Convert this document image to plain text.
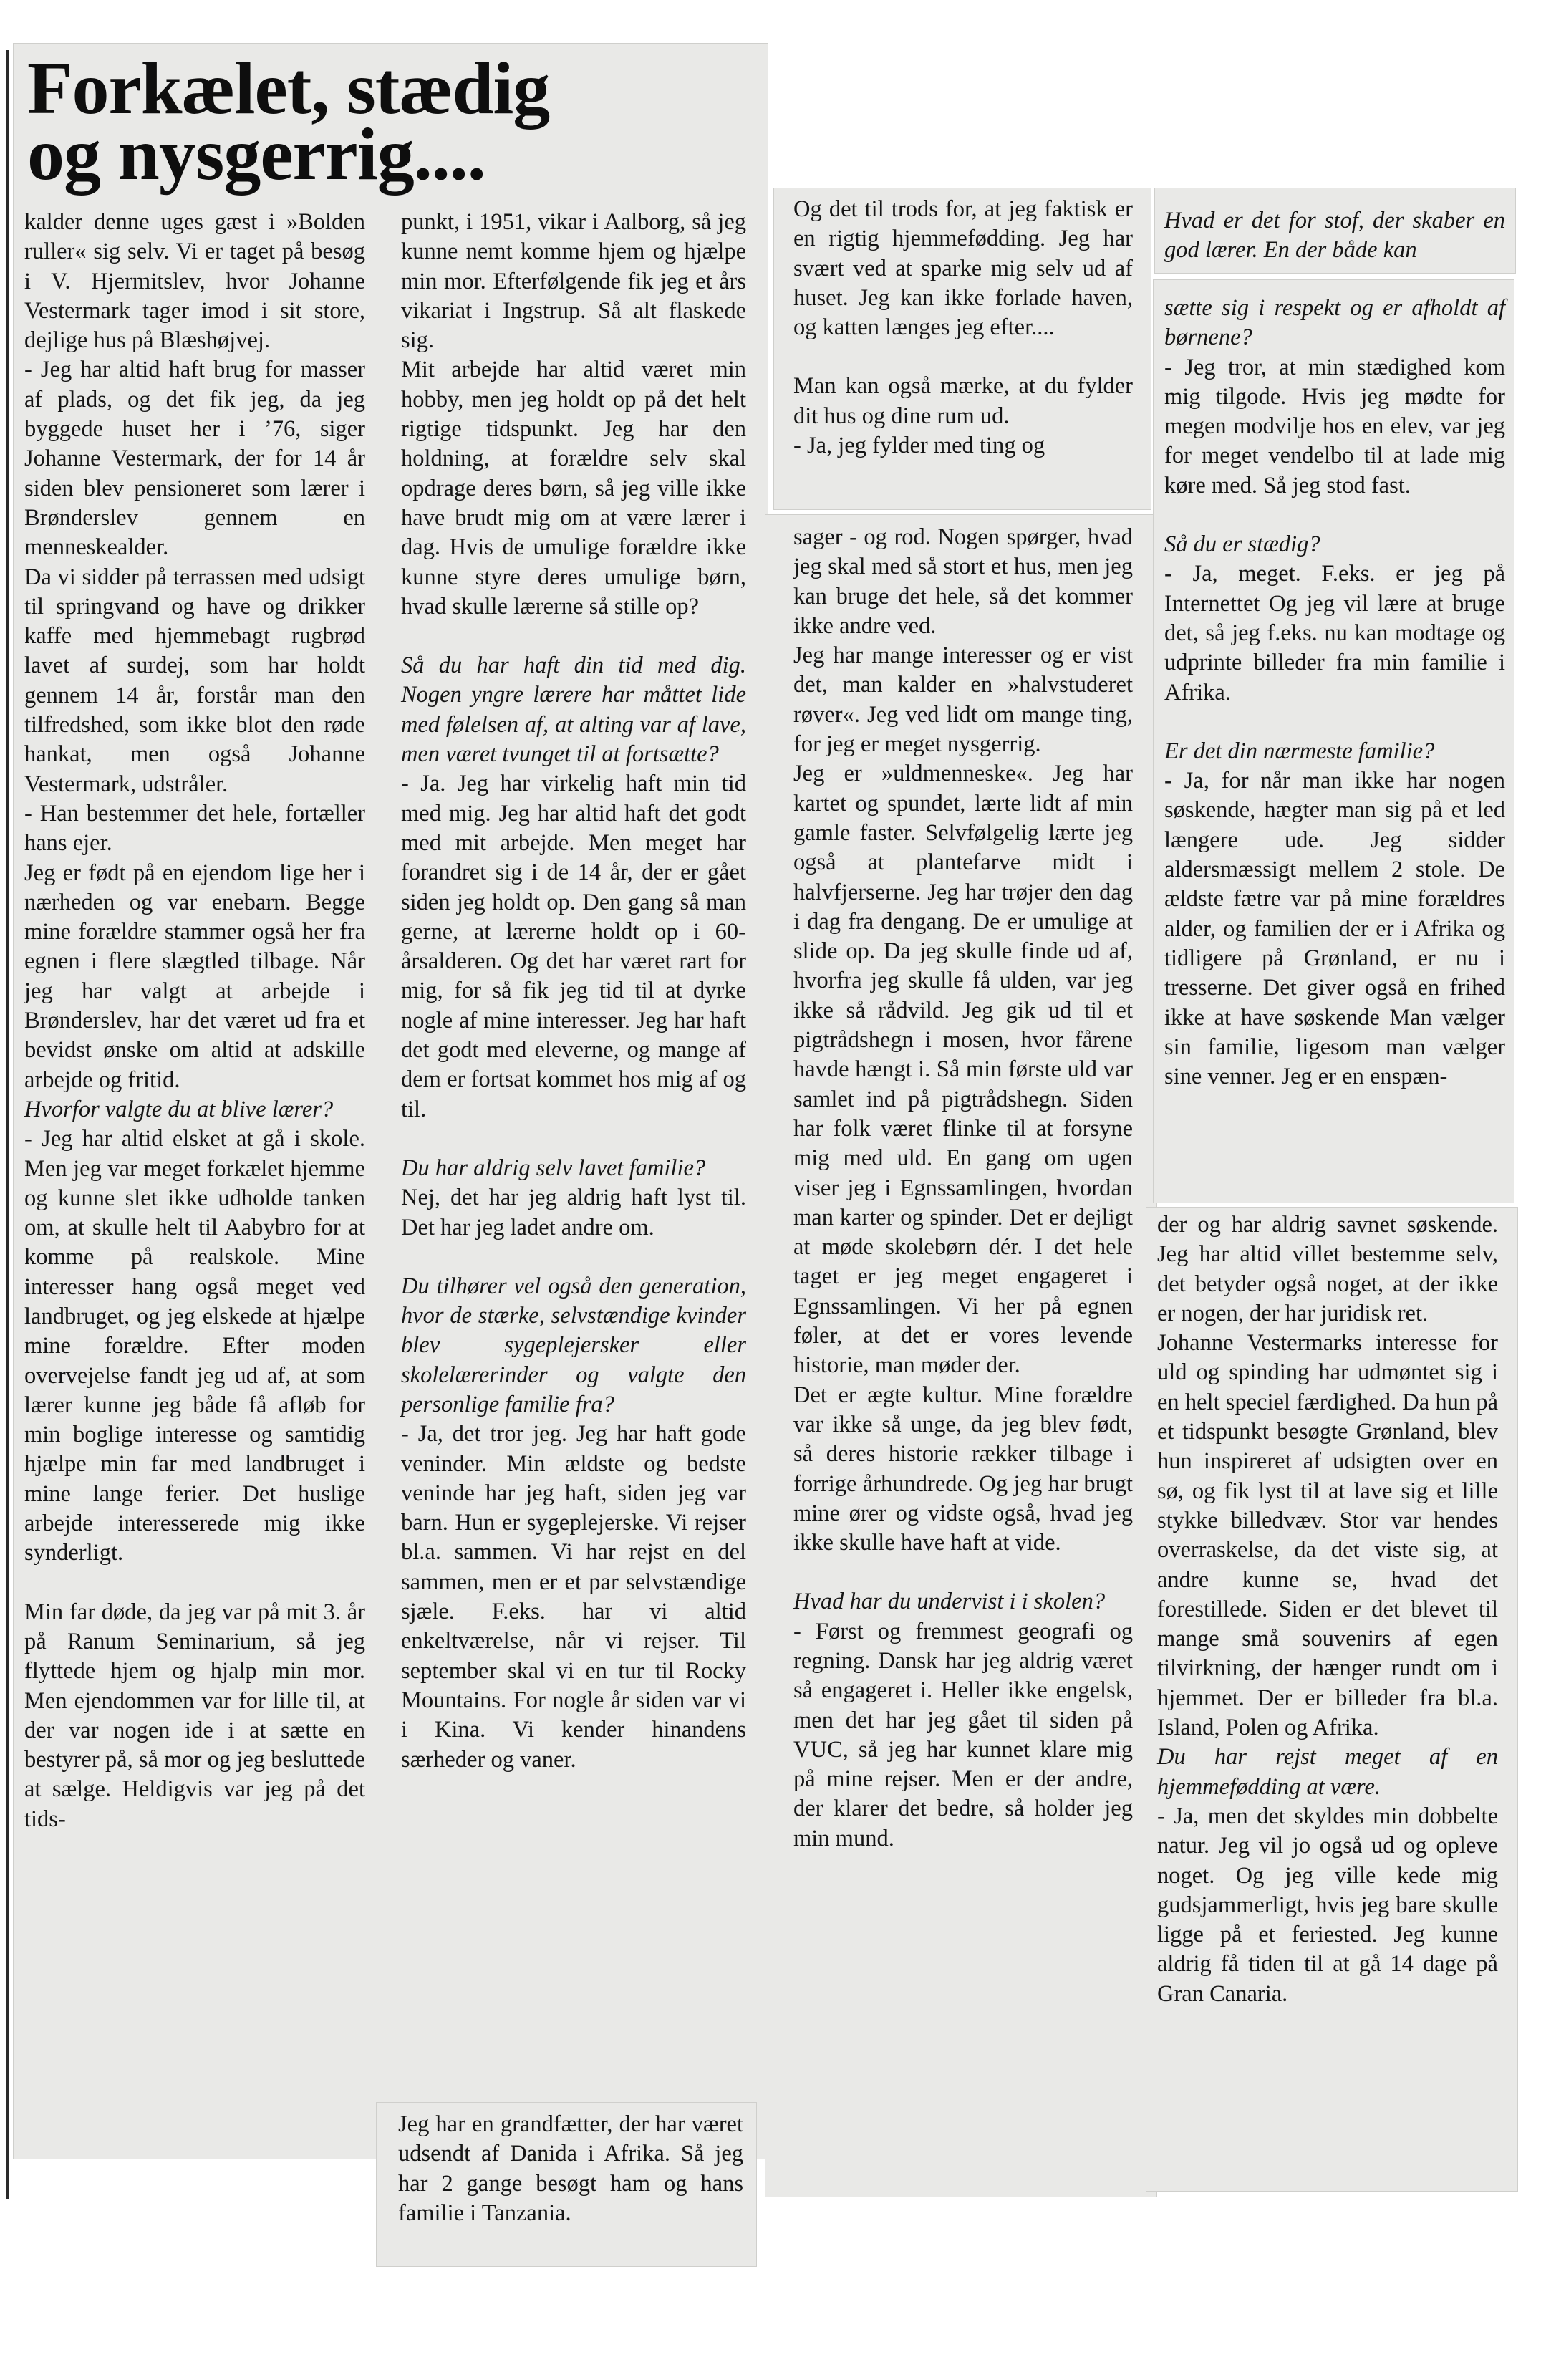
Forkælet, stædig
og nysgerrig....

kalder denne uges gæst i »Bolden ruller« sig selv. Vi er taget på besøg i V. Hjermitslev, hvor Johanne Vestermark tager imod i sit store, dejlige hus på Blæshøjvej.

- Jeg har altid haft brug for masser af plads, og det fik jeg, da jeg byggede huset her i ’76, siger Johanne Vestermark, der for 14 år siden blev pensioneret som lærer i Brønderslev gennem en menneskealder.

Da vi sidder på terrassen med udsigt til springvand og have og drikker kaffe med hjemmebagt rugbrød lavet af surdej, som har holdt gennem 14 år, forstår man den tilfredshed, som ikke blot den røde hankat, men også Johanne Vestermark, udstråler.

- Han bestemmer det hele, fortæller hans ejer.

Jeg er født på en ejendom lige her i nærheden og var enebarn. Begge mine forældre stammer også her fra egnen i flere slægtled tilbage. Når jeg har valgt at arbejde i Brønderslev, har det været ud fra et bevidst ønske om altid at adskille arbejde og fritid.

Hvorfor valgte du at blive lærer?

- Jeg har altid elsket at gå i skole. Men jeg var meget forkælet hjemme og kunne slet ikke udholde tanken om, at skulle helt til Aabybro for at komme på realskole. Mine interesser hang også meget ved landbruget, og jeg elskede at hjælpe mine forældre. Efter moden overvejelse fandt jeg ud af, at som lærer kunne jeg både få afløb for min boglige interesse og samtidig hjælpe min far med landbruget i mine lange ferier. Det huslige arbejde interesserede mig ikke synderligt.

Min far døde, da jeg var på mit 3. år på Ranum Seminarium, så jeg flyttede hjem og hjalp min mor. Men ejendommen var for lille til, at der var nogen ide i at sætte en bestyrer på, så mor og jeg besluttede at sælge. Heldigvis var jeg på det tids-

punkt, i 1951, vikar i Aalborg, så jeg kunne nemt komme hjem og hjælpe min mor. Efterfølgende fik jeg et års vikariat i Ingstrup. Så alt flaskede sig.

Mit arbejde har altid været min hobby, men jeg holdt op på det helt rigtige tidspunkt. Jeg har den holdning, at forældre selv skal opdrage deres børn, så jeg ville ikke have brudt mig om at være lærer i dag. Hvis de umulige forældre ikke kunne styre deres umulige børn, hvad skulle lærerne så stille op?

Så du har haft din tid med dig. Nogen yngre lærere har måttet lide med følelsen af, at alting var af lave, men været tvunget til at fortsætte?

- Ja. Jeg har virkelig haft min tid med mig. Jeg har altid haft det godt med mit arbejde. Men meget har forandret sig i de 14 år, der er gået siden jeg holdt op. Den gang så man gerne, at lærerne holdt op i 60-årsalderen. Og det har været rart for mig, for så fik jeg tid til at dyrke nogle af mine interesser. Jeg har haft det godt med eleverne, og mange af dem er fortsat kommet hos mig af og til.

Du har aldrig selv lavet familie?

Nej, det har jeg aldrig haft lyst til. Det har jeg ladet andre om.

Du tilhører vel også den generation, hvor de stærke, selvstændige kvinder blev sygeplejersker eller skolelærerinder og valgte den personlige familie fra?

- Ja, det tror jeg. Jeg har haft gode veninder. Min ældste og bedste veninde har jeg haft, siden jeg var barn. Hun er sygeplejerske. Vi rejser bl.a. sammen. Vi har rejst en del sammen, men er et par selvstændige sjæle. F.eks. har vi altid enkeltværelse, når vi rejser. Til september skal vi en tur til Rocky Mountains. For nogle år siden var vi i Kina. Vi kender hinandens særheder og vaner.

Jeg har en grandfætter, der har været udsendt af Danida i Afrika. Så jeg har 2 gange besøgt ham og hans familie i Tanzania.

Og det til trods for, at jeg faktisk er en rigtig hjemmefødding. Jeg har svært ved at sparke mig selv ud af huset. Jeg kan ikke forlade haven, og katten længes jeg efter....

Man kan også mærke, at du fylder dit hus og dine rum ud.

- Ja, jeg fylder med ting og

sager - og rod. Nogen spørger, hvad jeg skal med så stort et hus, men jeg kan bruge det hele, så det kommer ikke andre ved.

Jeg har mange interesser og er vist det, man kalder en »halvstuderet røver«. Jeg ved lidt om mange ting, for jeg er meget nysgerrig.

Jeg er »uldmenneske«. Jeg har kartet og spundet, lærte lidt af min gamle faster. Selvfølgelig lærte jeg også at plantefarve midt i halvfjerserne. Jeg har trøjer den dag i dag fra dengang. De er umulige at slide op. Da jeg skulle finde ud af, hvorfra jeg skulle få ulden, var jeg ikke så rådvild. Jeg gik ud til et pigtrådshegn i mosen, hvor fårene havde hængt i. Så min første uld var samlet ind på pigtrådshegn. Siden har folk været flinke til at forsyne mig med uld. En gang om ugen viser jeg i Egnssamlingen, hvordan man karter og spinder. Det er dejligt at møde skolebørn dér. I det hele taget er jeg meget engageret i Egnssamlingen. Vi her på egnen føler, at det er vores levende historie, man møder der.

Det er ægte kultur. Mine forældre var ikke så unge, da jeg blev født, så deres historie rækker tilbage i forrige århundrede. Og jeg har brugt mine ører og vidste også, hvad jeg ikke skulle have haft at vide.

Hvad har du undervist i i skolen?

- Først og fremmest geografi og regning. Dansk har jeg aldrig været så engageret i. Heller ikke engelsk, men det har jeg gået til siden på VUC, så jeg har kunnet klare mig på mine rejser. Men er der andre, der klarer det bedre, så holder jeg min mund.

Hvad er det for stof, der skaber en god lærer. En der både kan

sætte sig i respekt og er afholdt af børnene?

- Jeg tror, at min stædighed kom mig tilgode. Hvis jeg mødte for megen modvilje hos en elev, var jeg for meget vendelbo til at lade mig køre med. Så jeg stod fast.

Så du er stædig?

- Ja, meget. F.eks. er jeg på Internettet Og jeg vil lære at bruge det, så jeg f.eks. nu kan modtage og udprinte billeder fra min familie i Afrika.

Er det din nærmeste familie?

- Ja, for når man ikke har nogen søskende, hægter man sig på et led længere ude. Jeg sidder aldersmæssigt mellem 2 stole. De ældste fætre var på mine forældres alder, og familien der er i Afrika og tidligere på Grønland, er nu i tresserne. Det giver også en frihed ikke at have søskende Man vælger sin familie, ligesom man vælger sine venner. Jeg er en enspæn-

der og har aldrig savnet søskende. Jeg har altid villet bestemme selv, det betyder også noget, at der ikke er nogen, der har juridisk ret.

Johanne Vestermarks interesse for uld og spinding har udmøntet sig i en helt speciel færdighed. Da hun på et tidspunkt besøgte Grønland, blev hun inspireret af udsigten over en sø, og fik lyst til at lave sig et lille stykke billedvæv. Stor var hendes overraskelse, da det viste sig, at andre kunne se, hvad det forestillede. Siden er det blevet til mange små souvenirs af egen tilvirkning, der hænger rundt om i hjemmet. Der er billeder fra bl.a. Island, Polen og Afrika.

Du har rejst meget af en hjemmefødding at være.

- Ja, men det skyldes min dobbelte natur. Jeg vil jo også ud og opleve noget. Og jeg ville kede mig gudsjammerligt, hvis jeg bare skulle ligge på et feriested. Jeg kunne aldrig få tiden til at gå 14 dage på Gran Canaria.
